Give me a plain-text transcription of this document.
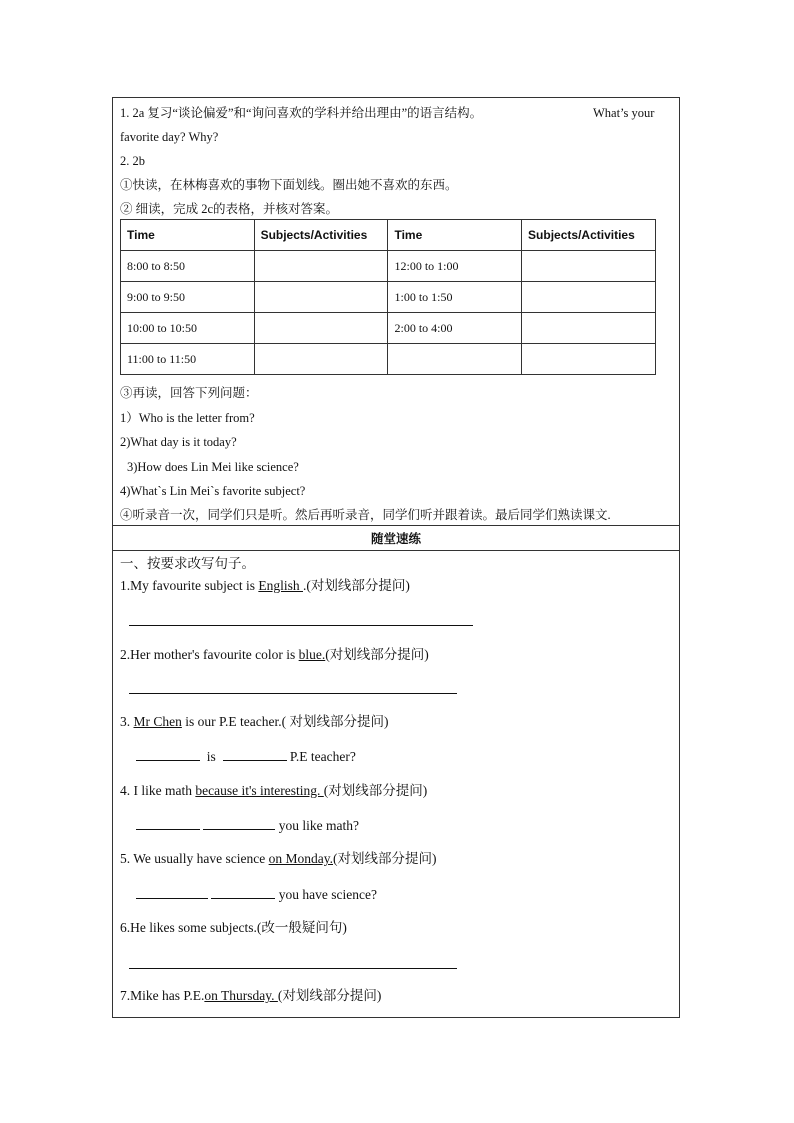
1. 2a 复习“谈论偏爱”和“询问喜欢的学科并给出理由”的语言结构。	What’s your
favorite day? Why?
2. 2b
①快读，在林梅喜欢的事物下面划线。圈出她不喜欢的东西。
② 细读，完成 2c的表格，并核对答案。
Time	Subjects/Activities	Time	Subjects/Activities
8:00 to 8:50		12:00 to 1:00	
9:00 to 9:50		1:00 to 1:50	
10:00 to 10:50		2:00 to 4:00	
11:00 to 11:50			
③再读，回答下列问题：
1）Who is the letter from?
2)What day is it today?
3)How does Lin Mei like science?
4)What`s Lin Mei`s favorite subject?
④听录音一次，同学们只是听。然后再听录音，同学们听并跟着读。最后同学们熟读课文.
随堂速练
一、按要求改写句子。
1.My favourite subject is English .(对划线部分提问)
2.Her mother's favourite color is blue.(对划线部分提问)
3. Mr Chen is our P.E teacher.( 对划线部分提问)
is	P.E teacher?
4. I like math because it's interesting. (对划线部分提问)
you like math?
5. We usually have science on Monday.(对划线部分提问)
you have science?
6.He likes some subjects.(改一般疑问句)
7.Mike has P.E.on Thursday. (对划线部分提问)
